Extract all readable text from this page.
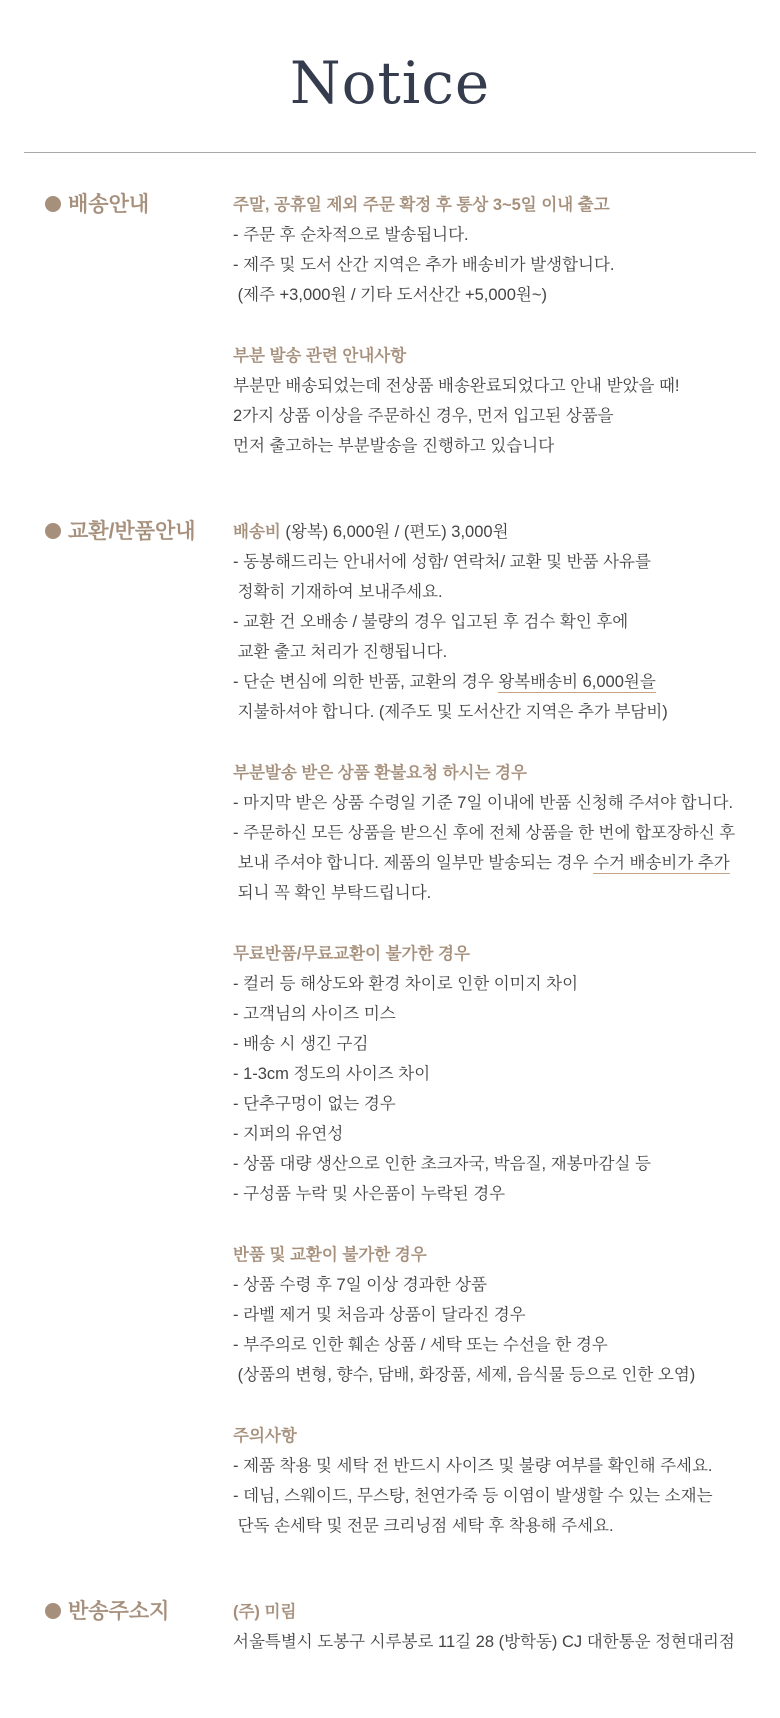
Notice
배송안내	주말, 공휴일 제외 주문 확정 후 통상 3~5일 이내 출고
- 주문 후 순차적으로 발송됩니다.
- 제주 및 도서 산간 지역은 추가 배송비가 발생합니다.
(제주 +3,000원 / 기타 도서산간 +5,000원~)
부분 발송 관련 안내사항
부분만 배송되었는데 전상품 배송완료되었다고 안내 받았을 때!
2가지 상품 이상을 주문하신 경우, 먼저 입고된 상품을
먼저 출고하는 부분발송을 진행하고 있습니다
교환/반품안내	배송비 (왕복) 6,000원 / (편도) 3,000원
- 동봉해드리는 안내서에 성함/ 연락처/ 교환 및 반품 사유를
정확히 기재하여 보내주세요.
- 교환 건 오배송 / 불량의 경우 입고된 후 검수 확인 후에
교환 출고 처리가 진행됩니다.
- 단순 변심에 의한 반품, 교환의 경우 왕복배송비 6,000원을
지불하셔야 합니다. (제주도 및 도서산간 지역은 추가 부담비)
부분발송 받은 상품 환불요청 하시는 경우
- 마지막 받은 상품 수령일 기준 7일 이내에 반품 신청해 주셔야 합니다.
- 주문하신 모든 상품을 받으신 후에 전체 상품을 한 번에 합포장하신 후
보내 주셔야 합니다. 제품의 일부만 발송되는 경우 수거 배송비가 추가
되니 꼭 확인 부탁드립니다.
무료반품/무료교환이 불가한 경우
- 컬러 등 해상도와 환경 차이로 인한 이미지 차이
- 고객님의 사이즈 미스
- 배송 시 생긴 구김
- 1-3cm 정도의 사이즈 차이
- 단추구멍이 없는 경우
- 지퍼의 유연성
- 상품 대량 생산으로 인한 초크자국, 박음질, 재봉마감실 등
- 구성품 누락 및 사은품이 누락된 경우
반품 및 교환이 불가한 경우
- 상품 수령 후 7일 이상 경과한 상품
- 라벨 제거 및 처음과 상품이 달라진 경우
- 부주의로 인한 훼손 상품 / 세탁 또는 수선을 한 경우
(상품의 변형, 향수, 담배, 화장품, 세제, 음식물 등으로 인한 오염)
주의사항
- 제품 착용 및 세탁 전 반드시 사이즈 및 불량 여부를 확인해 주세요.
- 데님, 스웨이드, 무스탕, 천연가죽 등 이염이 발생할 수 있는 소재는
단독 손세탁 및 전문 크리닝점 세탁 후 착용해 주세요.
반송주소지	(주) 미림
서울특별시 도봉구 시루봉로 11길 28 (방학동) CJ 대한통운 정현대리점
